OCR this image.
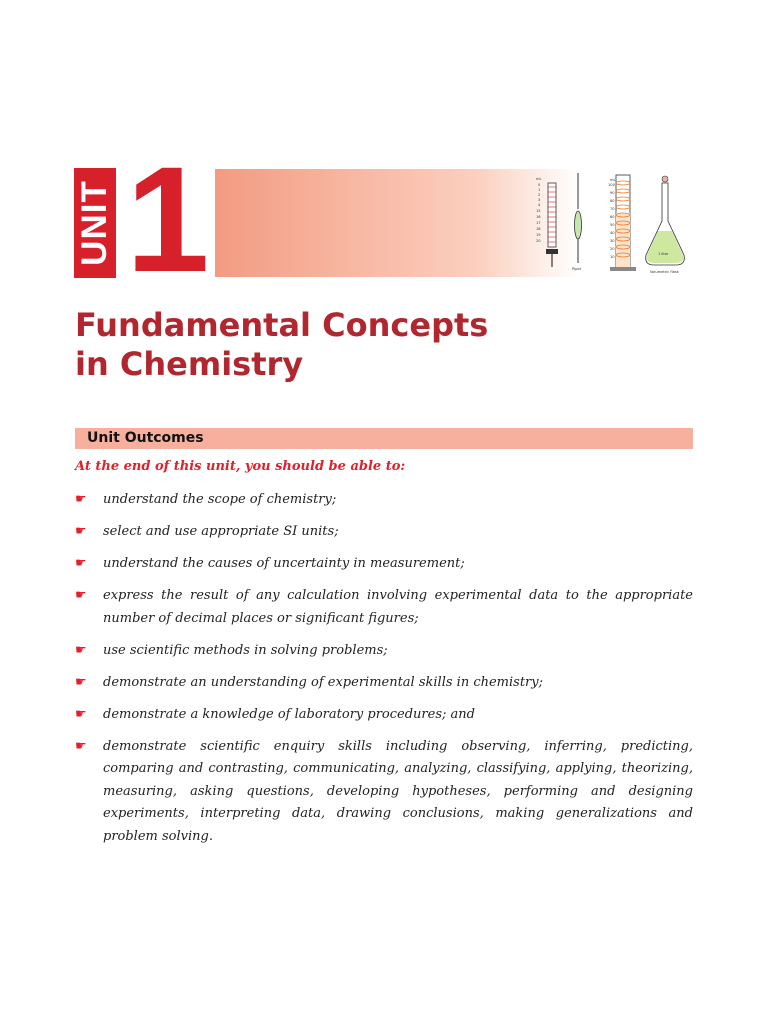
UNIT 1	mL
0
1
2
3
4
15
16
17
18
19
20
Pipet
mL
100
90
80
70
60
50
40
30
20
10
1 liter
Volumetric flask
Fundamental Concepts
in Chemistry
Unit Outcomes

At the end of this unit, you should be able to:

☛ understand the scope of chemistry;
☛ select and use appropriate SI units;
☛ understand the causes of uncertainty in measurement;
☛ express the result of any calculation involving experimental data to the appropriate number of decimal places or significant figures;
☛ use scientific methods in solving problems;
☛ demonstrate an understanding of experimental skills in chemistry;
☛ demonstrate a knowledge of laboratory procedures; and
☛ demonstrate scientific enquiry skills including observing, inferring, predicting, comparing and contrasting, communicating, analyzing, classifying, applying, theorizing, measuring, asking questions, developing hypotheses, performing and designing experiments, interpreting data, drawing conclusions, making generalizations and problem solving.
